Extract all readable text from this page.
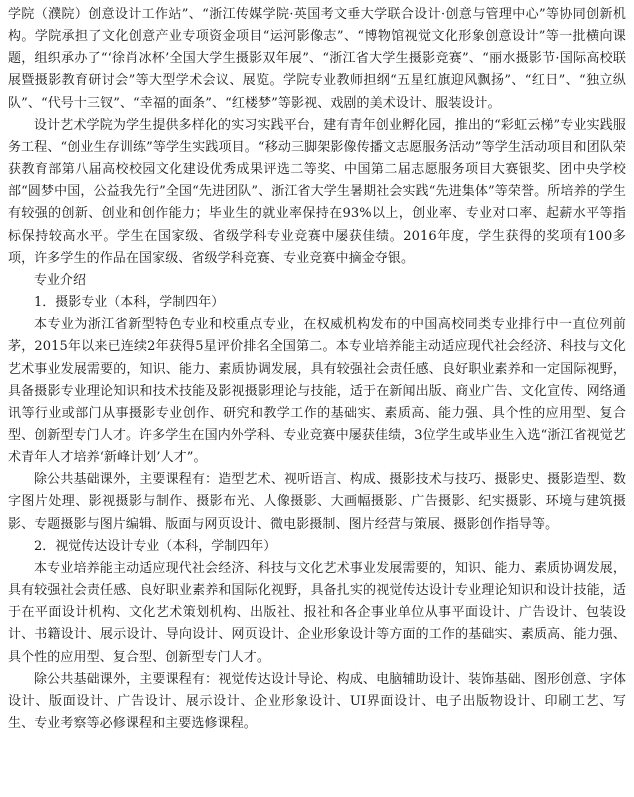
学院（濮院）创意设计工作站”、“浙江传媒学院·英国考文垂大学联合设计·创意与管理中心”等协同创新机构。学院承担了文化创意产业专项资金项目“运河影像志”、“博物馆视觉文化形象创意设计”等一批横向课题，组织承办了“‘徐肖冰杯’全国大学生摄影双年展”、“浙江省大学生摄影竞赛”、“丽水摄影节·国际高校联展暨摄影教育研讨会”等大型学术会议、展览。学院专业教师担纲“五星红旗迎风飘扬”、“红日”、“独立纵队”、“代号十三钗”、“幸福的面条”、“红楼梦”等影视、戏剧的美术设计、服装设计。

设计艺术学院为学生提供多样化的实习实践平台，建有青年创业孵化园，推出的“彩虹云梯”专业实践服务工程、“创业生存训练”等学生实践项目。“移动三脚架影像传播文志愿服务活动”等学生活动项目和团队荣获教育部第八届高校校园文化建设优秀成果评选二等奖、中国第二届志愿服务项目大赛银奖、团中央学校部“圆梦中国，公益我先行”全国“先进团队”、浙江省大学生暑期社会实践“先进集体”等荣誉。所培养的学生有较强的创新、创业和创作能力；毕业生的就业率保持在93%以上，创业率、专业对口率、起薪水平等指标保持较高水平。学生在国家级、省级学科专业竞赛中屡获佳绩。2016年度，学生获得的奖项有100多项，许多学生的作品在国家级、省级学科竞赛、专业竞赛中摘金夺银。

专业介绍
1．摄影专业（本科，学制四年）

本专业为浙江省新型特色专业和校重点专业，在权威机构发布的中国高校同类专业排行中一直位列前茅，2015年以来已连续2年获得5星评价排名全国第二。本专业培养能主动适应现代社会经济、科技与文化艺术事业发展需要的，知识、能力、素质协调发展，具有较强社会责任感、良好职业素养和一定国际视野，具备摄影专业理论知识和技术技能及影视摄影理论与技能，适于在新闻出版、商业广告、文化宣传、网络通讯等行业或部门从事摄影专业创作、研究和教学工作的基础实、素质高、能力强、具个性的应用型、复合型、创新型专门人才。许多学生在国内外学科、专业竞赛中屡获佳绩，3位学生或毕业生入选“浙江省视觉艺术青年人才培养‘新峰计划’人才”。

除公共基础课外，主要课程有：造型艺术、视听语言、构成、摄影技术与技巧、摄影史、摄影造型、数字图片处理、影视摄影与制作、摄影布光、人像摄影、大画幅摄影、广告摄影、纪实摄影、环境与建筑摄影、专题摄影与图片编辑、版面与网页设计、微电影摄制、图片经营与策展、摄影创作指导等。

2．视觉传达设计专业（本科，学制四年）

本专业培养能主动适应现代社会经济、科技与文化艺术事业发展需要的，知识、能力、素质协调发展，具有较强社会责任感、良好职业素养和国际化视野，具备扎实的视觉传达设计专业理论知识和设计技能，适于在平面设计机构、文化艺术策划机构、出版社、报社和各企事业单位从事平面设计、广告设计、包装设计、书籍设计、展示设计、导向设计、网页设计、企业形象设计等方面的工作的基础实、素质高、能力强、具个性的应用型、复合型、创新型专门人才。

除公共基础课外，主要课程有：视觉传达设计导论、构成、电脑辅助设计、装饰基础、图形创意、字体设计、版面设计、广告设计、展示设计、企业形象设计、UI界面设计、电子出版物设计、印刷工艺、写生、专业考察等必修课程和主要选修课程。
